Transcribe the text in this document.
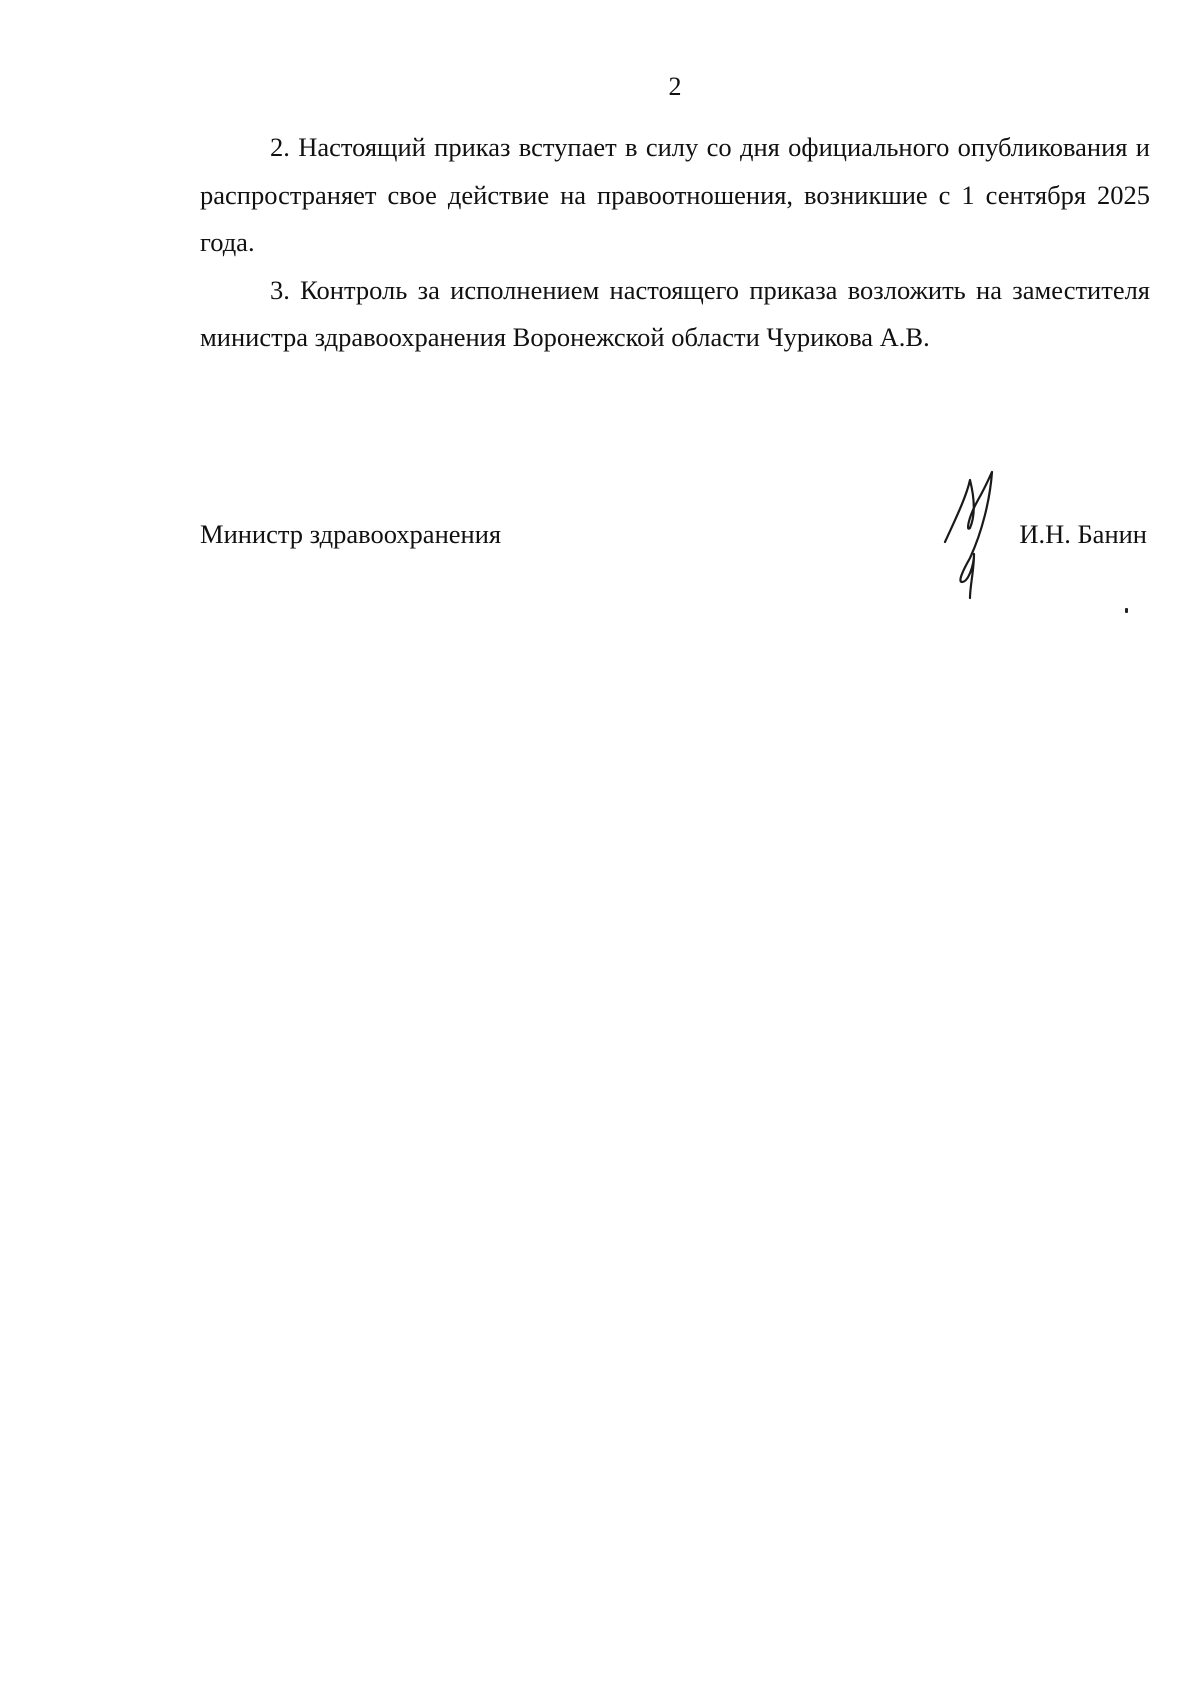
2

2. Настоящий приказ вступает в силу со дня официального опубликования и распространяет свое действие на правоотношения, возникшие с 1 сентября 2025 года.

3. Контроль за исполнением настоящего приказа возложить на заместителя министра здравоохранения Воронежской области Чурикова А.В.

Министр здравоохранения	И.Н. Банин
